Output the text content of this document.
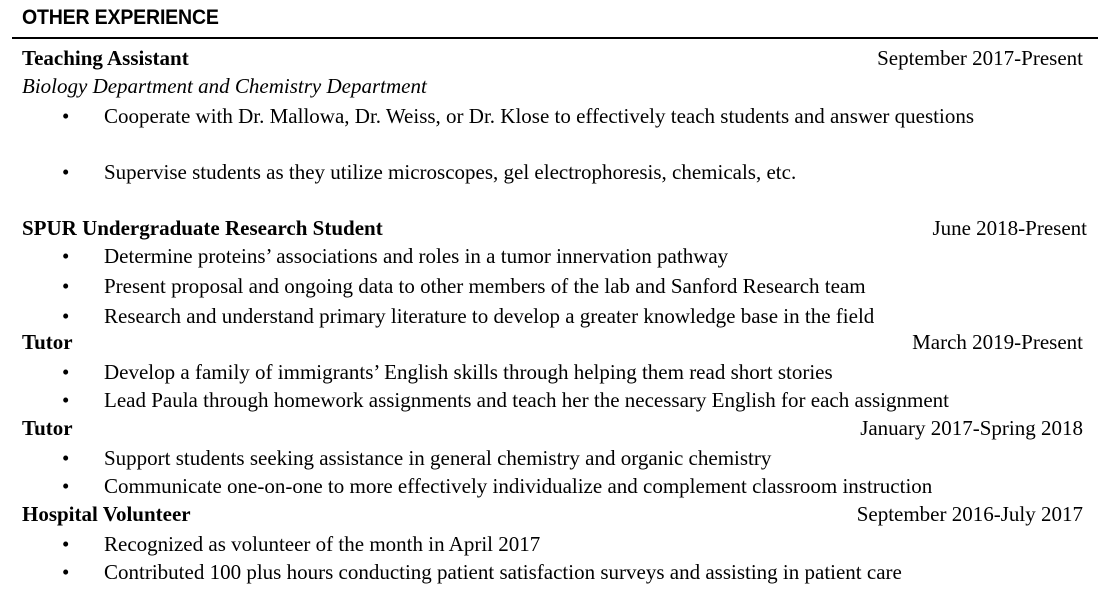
OTHER EXPERIENCE
Teaching Assistant	September 2017-Present
Biology Department and Chemistry Department
•	Cooperate with Dr. Mallowa, Dr. Weiss, or Dr. Klose to effectively teach students and answer questions
•	Supervise students as they utilize microscopes, gel electrophoresis, chemicals, etc.
SPUR Undergraduate Research Student	June 2018-Present
•	Determine proteins’ associations and roles in a tumor innervation pathway
•	Present proposal and ongoing data to other members of the lab and Sanford Research team
•	Research and understand primary literature to develop a greater knowledge base in the field
Tutor	March 2019-Present
•	Develop a family of immigrants’ English skills through helping them read short stories
•	Lead Paula through homework assignments and teach her the necessary English for each assignment
Tutor	January 2017-Spring 2018
•	Support students seeking assistance in general chemistry and organic chemistry
•	Communicate one-on-one to more effectively individualize and complement classroom instruction
Hospital Volunteer	September 2016-July 2017
•	Recognized as volunteer of the month in April 2017
•	Contributed 100 plus hours conducting patient satisfaction surveys and assisting in patient care
